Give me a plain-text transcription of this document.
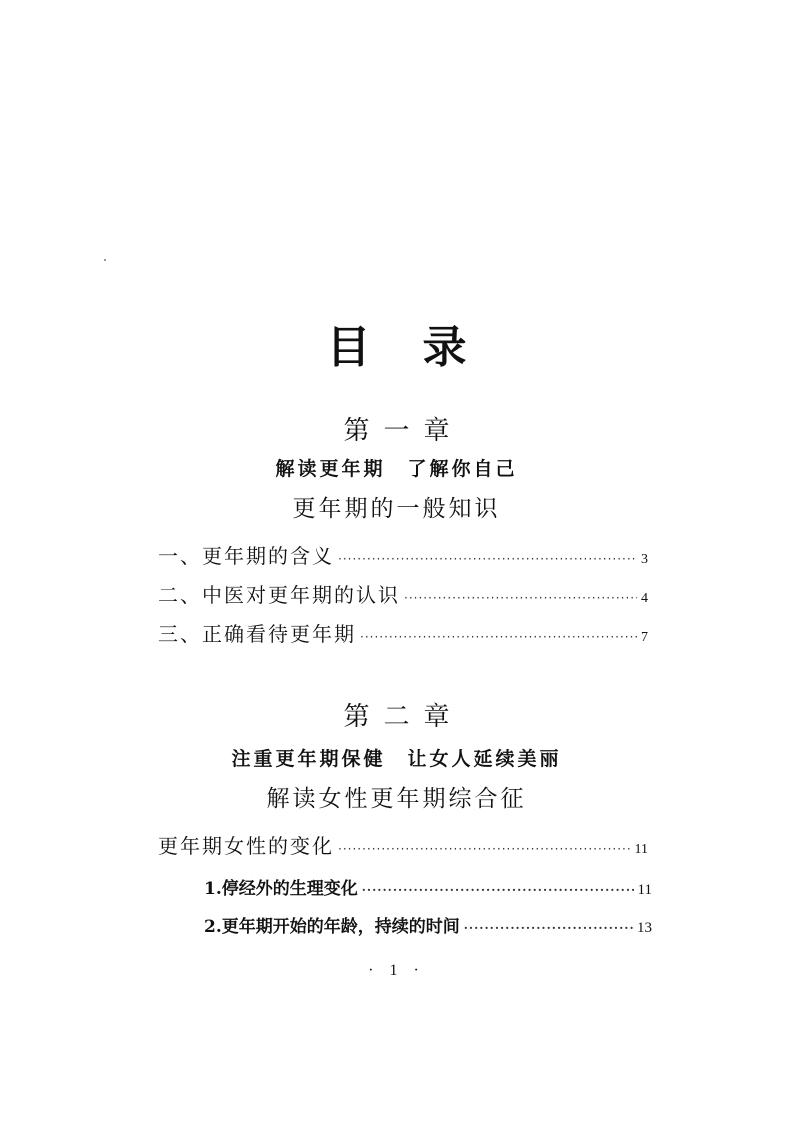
目录
第一章
解读更年期　了解你自己
更年期的一般知识
一、更年期的含义 ·····	3
二、中医对更年期的认识 ·····	4
三、正确看待更年期 ·····	7
第二章
注重更年期保健　让女人延续美丽
解读女性更年期综合征
更年期女性的变化 ·····	11
1.停经外的生理变化 ·····	11
2.更年期开始的年龄，持续的时间 ·····	13
· 1 ·
